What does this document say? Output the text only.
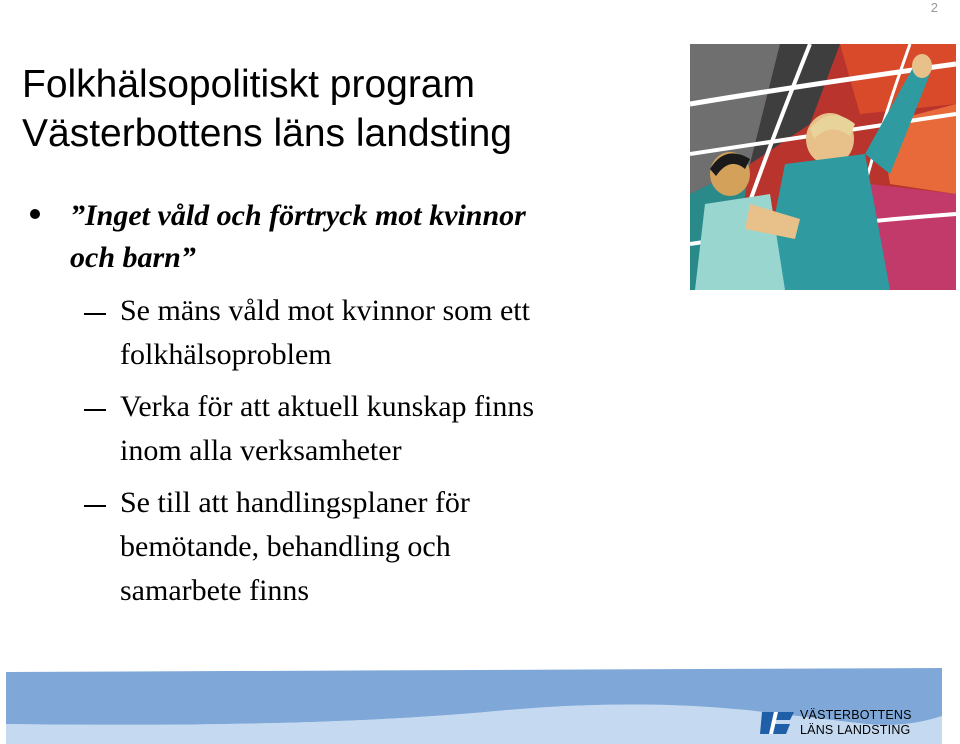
2
Folkhälsopolitiskt program
Västerbottens läns landsting
”Inget våld och förtryck mot kvinnor
och barn”
Se mäns våld mot kvinnor som ett
folkhälsoproblem
Verka för att aktuell kunskap finns
inom alla verksamheter
Se till att handlingsplaner för
bemötande, behandling och
samarbete finns
VÄSTERBOTTENS
LÄNS LANDSTING
